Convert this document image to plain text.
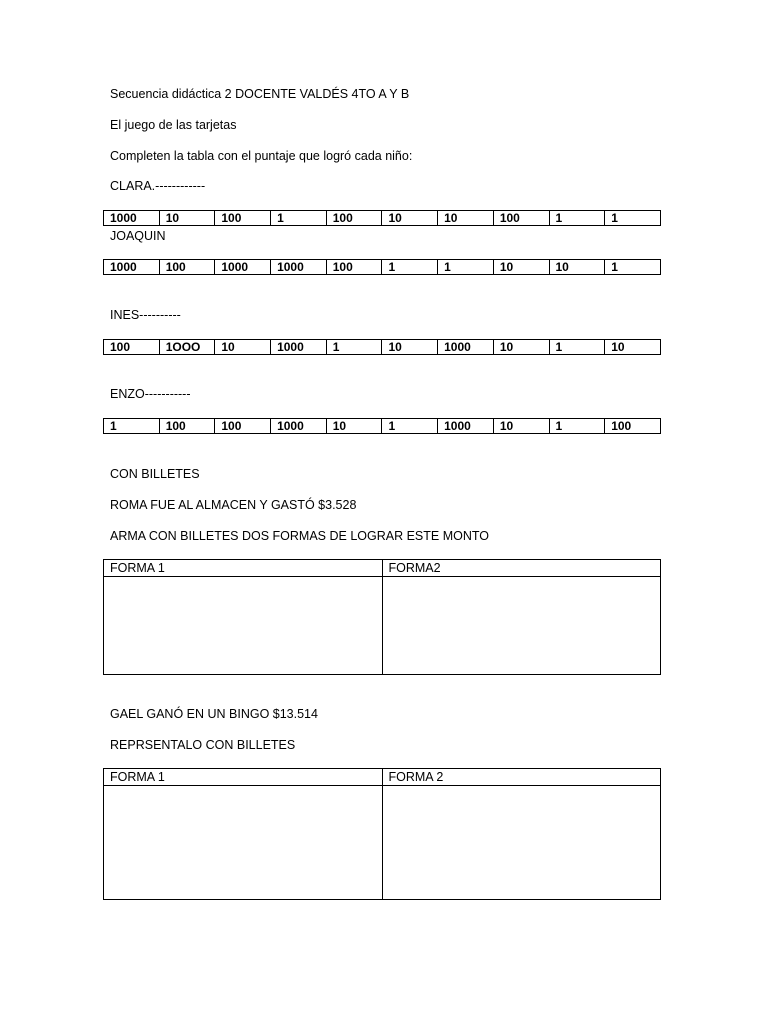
Secuencia didáctica 2 DOCENTE VALDÉS 4TO A Y B

El juego de las tarjetas

Completen la tabla con el puntaje que logró cada niño:

CLARA.------------

1000	10	100	1	100	10	10	100	1	1

JOAQUIN

1000	100	1000	1000	100	1	1	10	10	1

INES----------

100	1OOO	10	1000	1	10	1000	10	1	10

ENZO-----------

1	100	100	1000	10	1	1000	10	1	100

CON BILLETES

ROMA FUE AL ALMACEN Y GASTÓ $3.528

ARMA CON BILLETES DOS FORMAS DE LOGRAR ESTE MONTO

FORMA 1	FORMA2

GAEL GANÓ EN UN BINGO $13.514

REPRSENTALO CON BILLETES

FORMA 1	FORMA 2
